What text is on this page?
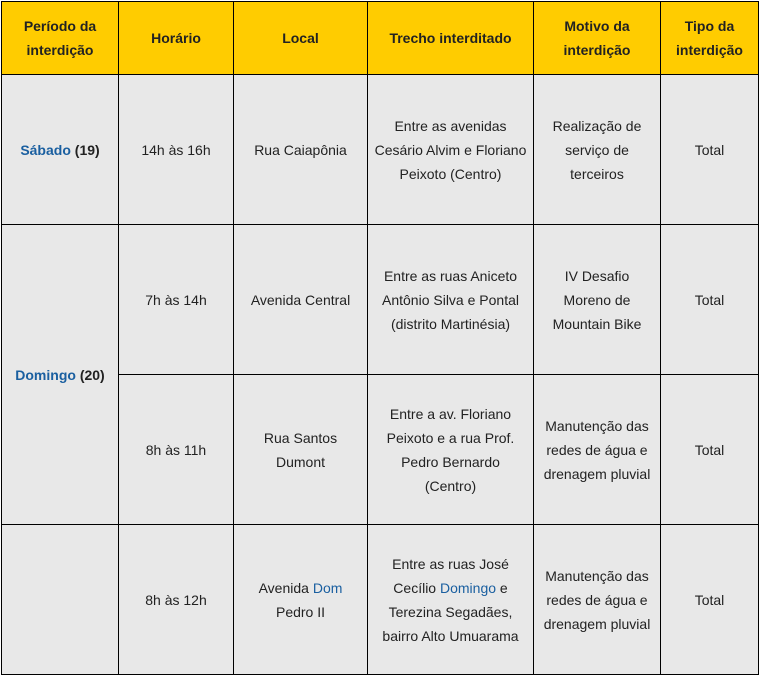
Período da interdição	Horário	Local	Trecho interditado	Motivo da interdição	Tipo da interdição
Sábado (19)	14h às 16h	Rua Caiapônia	Entre as avenidas Cesário Alvim e Floriano Peixoto (Centro)	Realização de serviço de terceiros	Total
Domingo (20)	7h às 14h	Avenida Central	Entre as ruas Aniceto Antônio Silva e Pontal (distrito Martinésia)	IV Desafio Moreno de Mountain Bike	Total
	8h às 11h	Rua Santos Dumont	Entre a av. Floriano Peixoto e a rua Prof. Pedro Bernardo (Centro)	Manutenção das redes de água e drenagem pluvial	Total
	8h às 12h	Avenida Dom Pedro II	Entre as ruas José Cecílio Domingo e Terezina Segadães, bairro Alto Umuarama	Manutenção das redes de água e drenagem pluvial	Total
